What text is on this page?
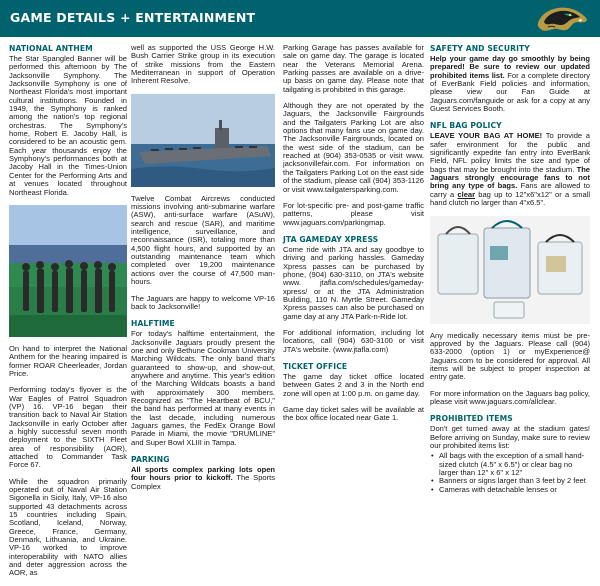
GAME DETAILS + ENTERTAINMENT
NATIONAL ANTHEM

The Star Spangled Banner will be performed this afternoon by The Jacksonville Symphony. The Jacksonville Symphony is one of Northeast Florida's most important cultural institutions. Founded in 1949, the Symphony is ranked among the nation's top regional orchestras. The Symphony's home, Robert E. Jacoby Hall, is considered to be an acoustic gem. Each year thousands enjoy the Symphony's performances both at Jacoby Hall in the Times-Union Center for the Performing Arts and at venues located throughout Northeast Florida.

On hand to interpret the National Anthem for the hearing impaired is former ROAR Cheerleader, Jordan Price.

Performing today's flyover is the War Eagles of Patrol Squadron (VP) 16. VP-16 began their transition back to Naval Air Station Jacksonville in early October after a highly successful seven month deployment to the SIXTH Fleet area of responsibility (AOR), attached to Commander Task Force 67.

While the squadron primarily operated out of Naval Air Station Sigonella in Sicily, Italy, VP-16 also supported 43 detachments across 15 countries including Spain, Scotland, Iceland, Norway, Greece, France, Germany, Denmark, Lithuania, and Ukraine. VP-16 worked to improve interoperability with NATO allies and deter aggression across the AOR, as

well as supported the USS George H.W. Bush Carrier Strike group in its execution of strike missions from the Eastern Mediterranean in support of Operation Inherent Resolve.

Twelve Combat Aircrews conducted missions involving anti-submarine warfare (ASW), anti-surface warfare (ASuW), search and rescue (SAR), and maritime intelligence, surveillance, and reconnaissance (ISR), totaling more than 4,500 flight hours, and supported by an outstanding maintenance team which completed over 19,200 maintenance actions over the course of 47,500 man-hours.

The Jaguars are happy to welcome VP-16 back to Jacksonville!

HALFTIME

For today's halftime entertainment, the Jacksonville Jaguars proudly present the one and only Bethune Cookman University Marching Wildcats. The only band that's guaranteed to show-up, and show-out, anywhere and anytime. This year's edition of the Marching Wildcats boasts a band with approximately 300 members. Recognized as "The Heartbeat of BCU," the band has performed at many events in the last decade, including numerous Jaguars games, the FedEx Orange Bowl Parade in Miami, the movie "DRUMLINE" and Super Bowl XLIII in Tampa.

PARKING

All sports complex parking lots open four hours prior to kickoff. The Sports Complex

Parking Garage has passes available for sale on game day. The garage is located near the Veterans Memorial Arena. Parking passes are available on a drive-up basis on game day. Please note that tailgating is prohibited in this garage.

Although they are not operated by the Jaguars, the Jacksonville Fairgrounds and the Tailgaters Parking Lot are also options that many fans use on game day. The Jacksonville Fairgrounds, located on the west side of the stadium, can be reached at (904) 353-0535 or visit www. jacksonvillefair.com. For information on the Tailgaters Parking Lot on the east side of the stadium, please call (904) 353-1126 or visit www.tailgatersparking.com.

For lot-specific pre- and post-game traffic patterns, please visit www.jaguars.com/parkingmap.

JTA GAMEDAY XPRESS

Come ride with JTA and say goodbye to driving and parking hassles. Gameday Xpress passes can be purchased by phone, (904) 630-3110, on JTA's website www. jtafla.com/schedules/gameday-xpress/ or at the JTA Administration Building, 110 N. Myrtle Street. Gameday Xpress passes can also be purchased on game day at any JTA Park-n-Ride lot.

For additional information, including lot locations, call (904) 630-3100 or visit JTA's website. (www.jtafla.com)

TICKET OFFICE

The game day ticket office located between Gates 2 and 3 in the North end zone will open at 1:00 p.m. on game day.

Game day ticket sales will be available at the box office located near Gate 1.

SAFETY AND SECURITY

Help your game day go smoothly by being prepared! Be sure to review our updated prohibited items list. For a complete directory of EverBank Field policies and information, please view our Fan Guide at Jaguars.com/fanguide or ask for a copy at any Guest Services Booth.

NFL BAG POLICY

LEAVE YOUR BAG AT HOME! To provide a safer environment for the public and significantly expedite fan entry into EverBank Field, NFL policy limits the size and type of bags that may be brought into the stadium. The Jaguars strongly encourage fans to not bring any type of bags. Fans are allowed to carry a clear bag up to 12"x6"x12" or a small hand clutch no larger than 4"x6.5".

Any medically necessary items must be pre-approved by the Jaguars. Please call (904) 633-2000 (option 1) or myExperience@ Jaguars.com to be considered for approval. All items will be subject to proper inspection at entry gate.

For more information on the Jaguars bag policy, please visit www.jaguars.com/allclear.

PROHIBITED ITEMS

Don't get turned away at the stadium gates! Before arriving on Sunday, make sure to review our prohibited items list:

• All bags with the exception of a small hand-sized clutch (4.5" x 6.5") or clear bag no larger than 12" x 6" x 12"
• Banners or signs larger than 3 feet by 2 feet
• Cameras with detachable lenses or
